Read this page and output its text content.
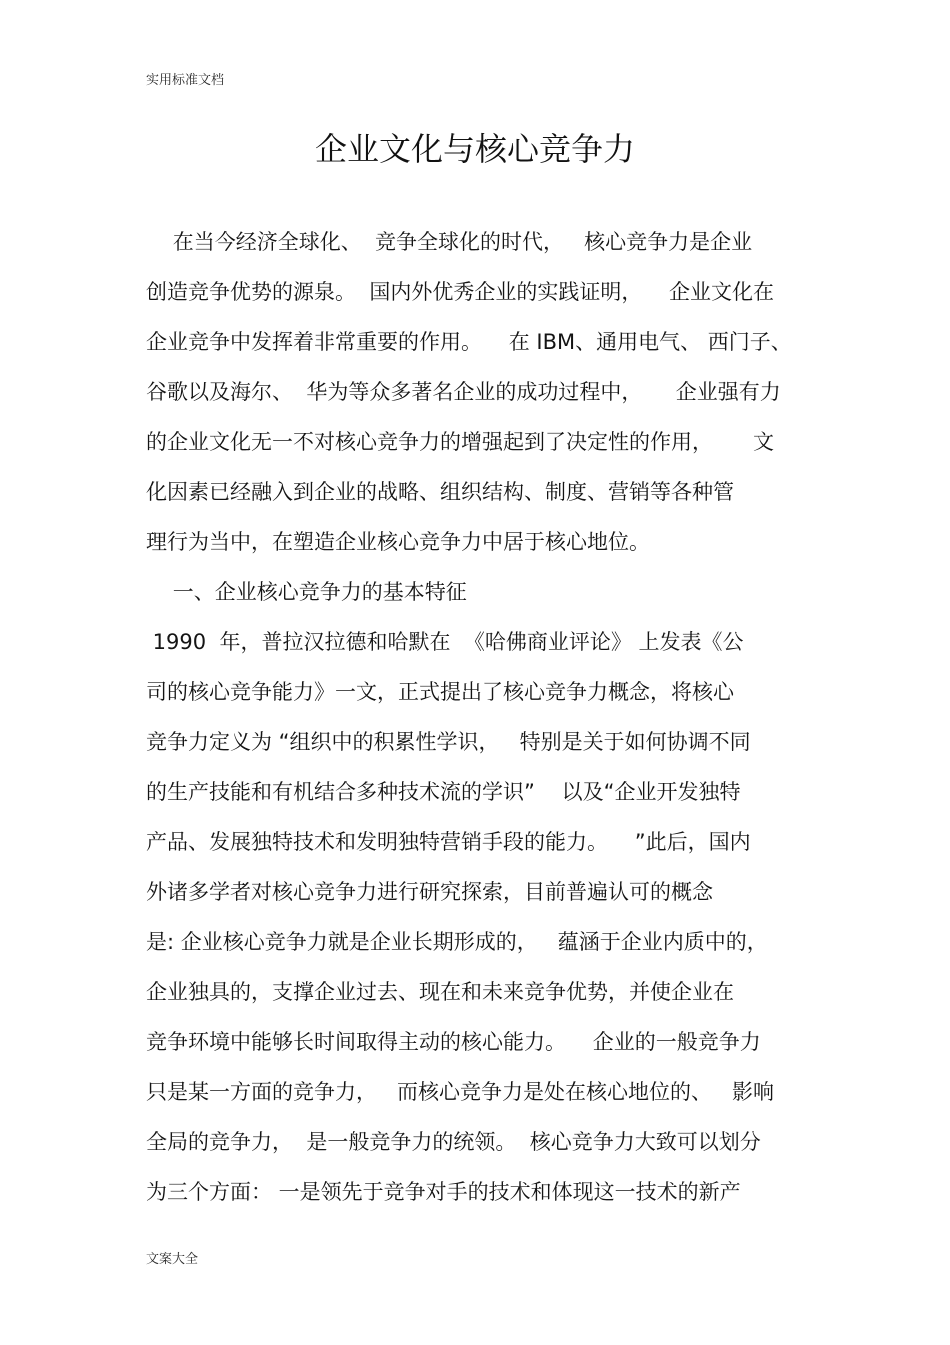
实用标准文档
企业文化与核心竞争力
在当今经济全球化、  竞争全球化的时代，   核心竞争力是企业
创造竞争优势的源泉。  国内外优秀企业的实践证明，    企业文化在
企业竞争中发挥着非常重要的作用。    在 IBM、通用电气、 西门子、
谷歌以及海尔、  华为等众多著名企业的成功过程中，     企业强有力
的企业文化无一不对核心竞争力的增强起到了决定性的作用，      文
化因素已经融入到企业的战略、组织结构、制度、营销等各种管
理行为当中，在塑造企业核心竞争力中居于核心地位。
一、企业核心竞争力的基本特征
1990  年，普拉汉拉德和哈默在  《哈佛商业评论》 上发表《公
司的核心竞争能力》一文，正式提出了核心竞争力概念，将核心
竞争力定义为 “组织中的积累性学识，   特别是关于如何协调不同
的生产技能和有机结合多种技术流的学识”    以及“企业开发独特
产品、发展独特技术和发明独特营销手段的能力。    ”此后，国内
外诸多学者对核心竞争力进行研究探索，目前普遍认可的概念
是: 企业核心竞争力就是企业长期形成的，   蕴涵于企业内质中的，
企业独具的，支撑企业过去、现在和未来竞争优势，并使企业在
竞争环境中能够长时间取得主动的核心能力。    企业的一般竞争力
只是某一方面的竞争力，   而核心竞争力是处在核心地位的、   影响
全局的竞争力，  是一般竞争力的统领。  核心竞争力大致可以划分
为三个方面： 一是领先于竞争对手的技术和体现这一技术的新产
文案大全
